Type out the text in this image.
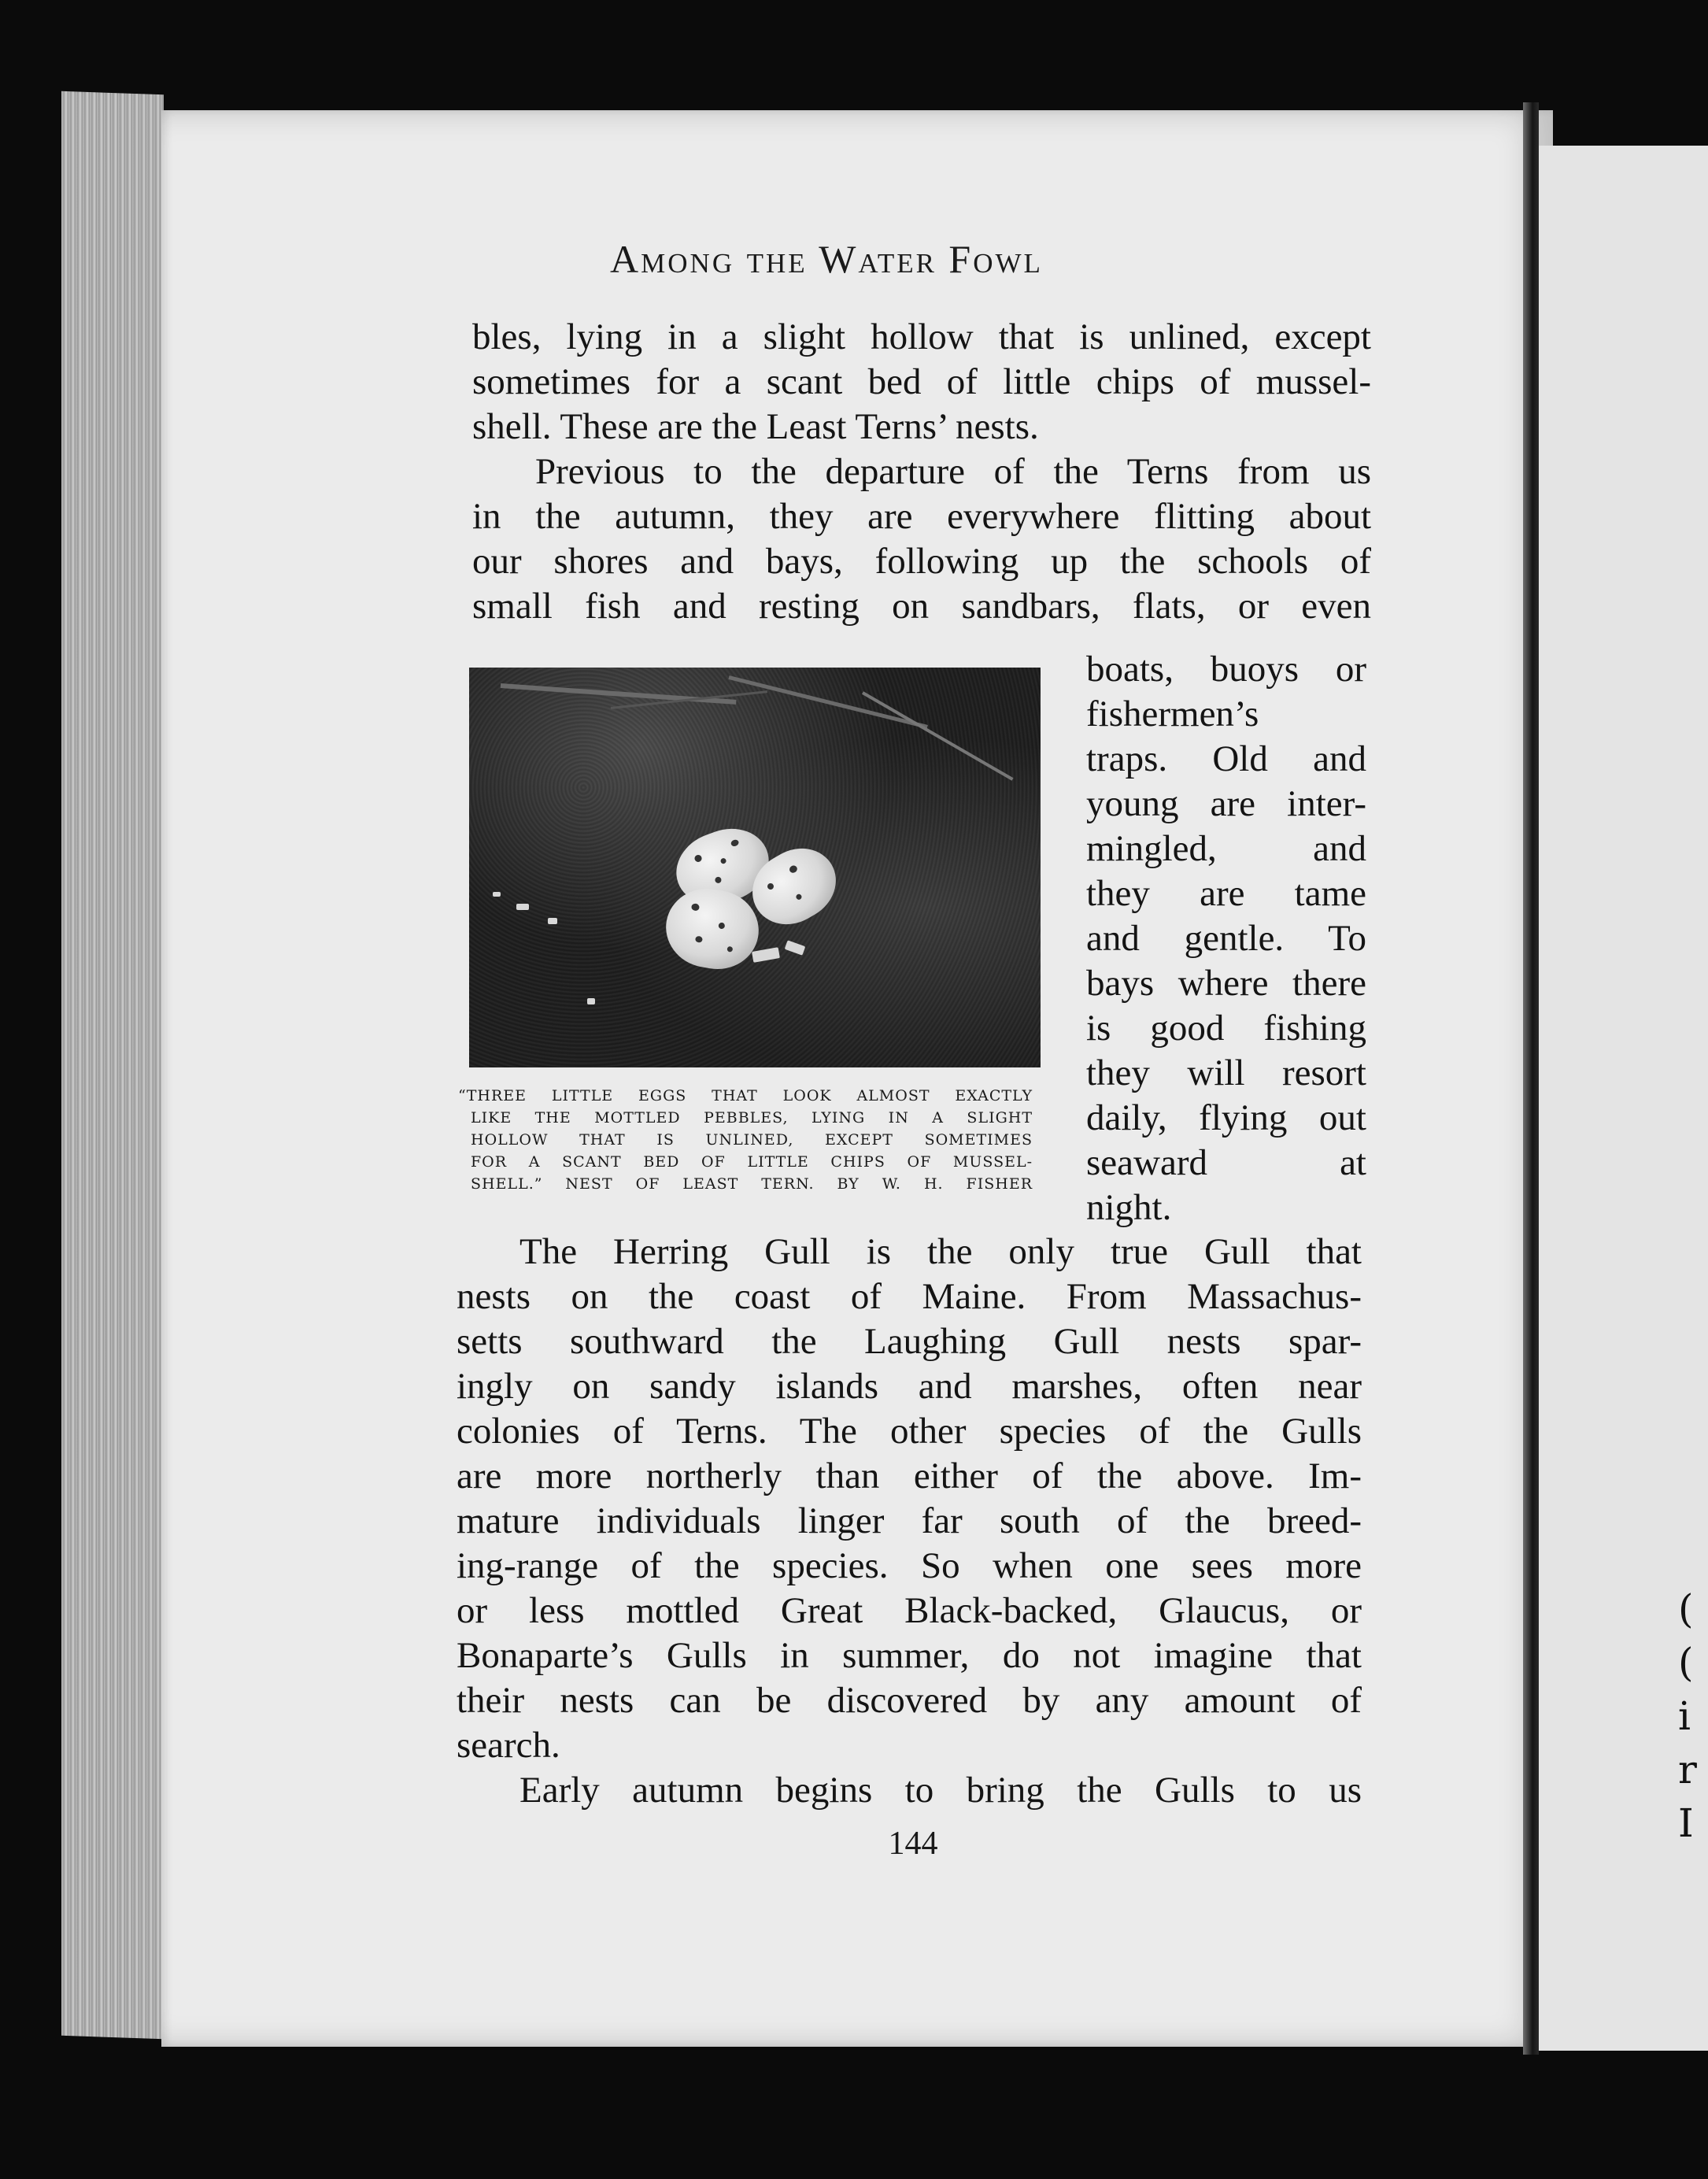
(
(
i
r
I
Among the Water Fowl
bles, lying in a slight hollow that is unlined, except
sometimes for a scant bed of little chips of mussel-
shell. These are the Least Terns’ nests.
Previous to the departure of the Terns from us
in the autumn, they are everywhere flitting about
our shores and bays, following up the schools of
small fish and resting on sandbars, flats, or even
boats, buoys or
fishermen’s
traps. Old and
young are inter-
mingled, and
they are tame
and gentle. To
bays where there
is good fishing
they will resort
daily, flying out
seaward at
night.
“THREE LITTLE EGGS THAT LOOK ALMOST EXACTLY
LIKE THE MOTTLED PEBBLES, LYING IN A SLIGHT
HOLLOW THAT IS UNLINED, EXCEPT SOMETIMES
FOR A SCANT BED OF LITTLE CHIPS OF MUSSEL-
SHELL.” NEST OF LEAST TERN. BY W. H. FISHER
The Herring Gull is the only true Gull that
nests on the coast of Maine. From Massachus-
setts southward the Laughing Gull nests spar-
ingly on sandy islands and marshes, often near
colonies of Terns. The other species of the Gulls
are more northerly than either of the above. Im-
mature individuals linger far south of the breed-
ing-range of the species. So when one sees more
or less mottled Great Black-backed, Glaucus, or
Bonaparte’s Gulls in summer, do not imagine that
their nests can be discovered by any amount of
search.
Early autumn begins to bring the Gulls to us
144
